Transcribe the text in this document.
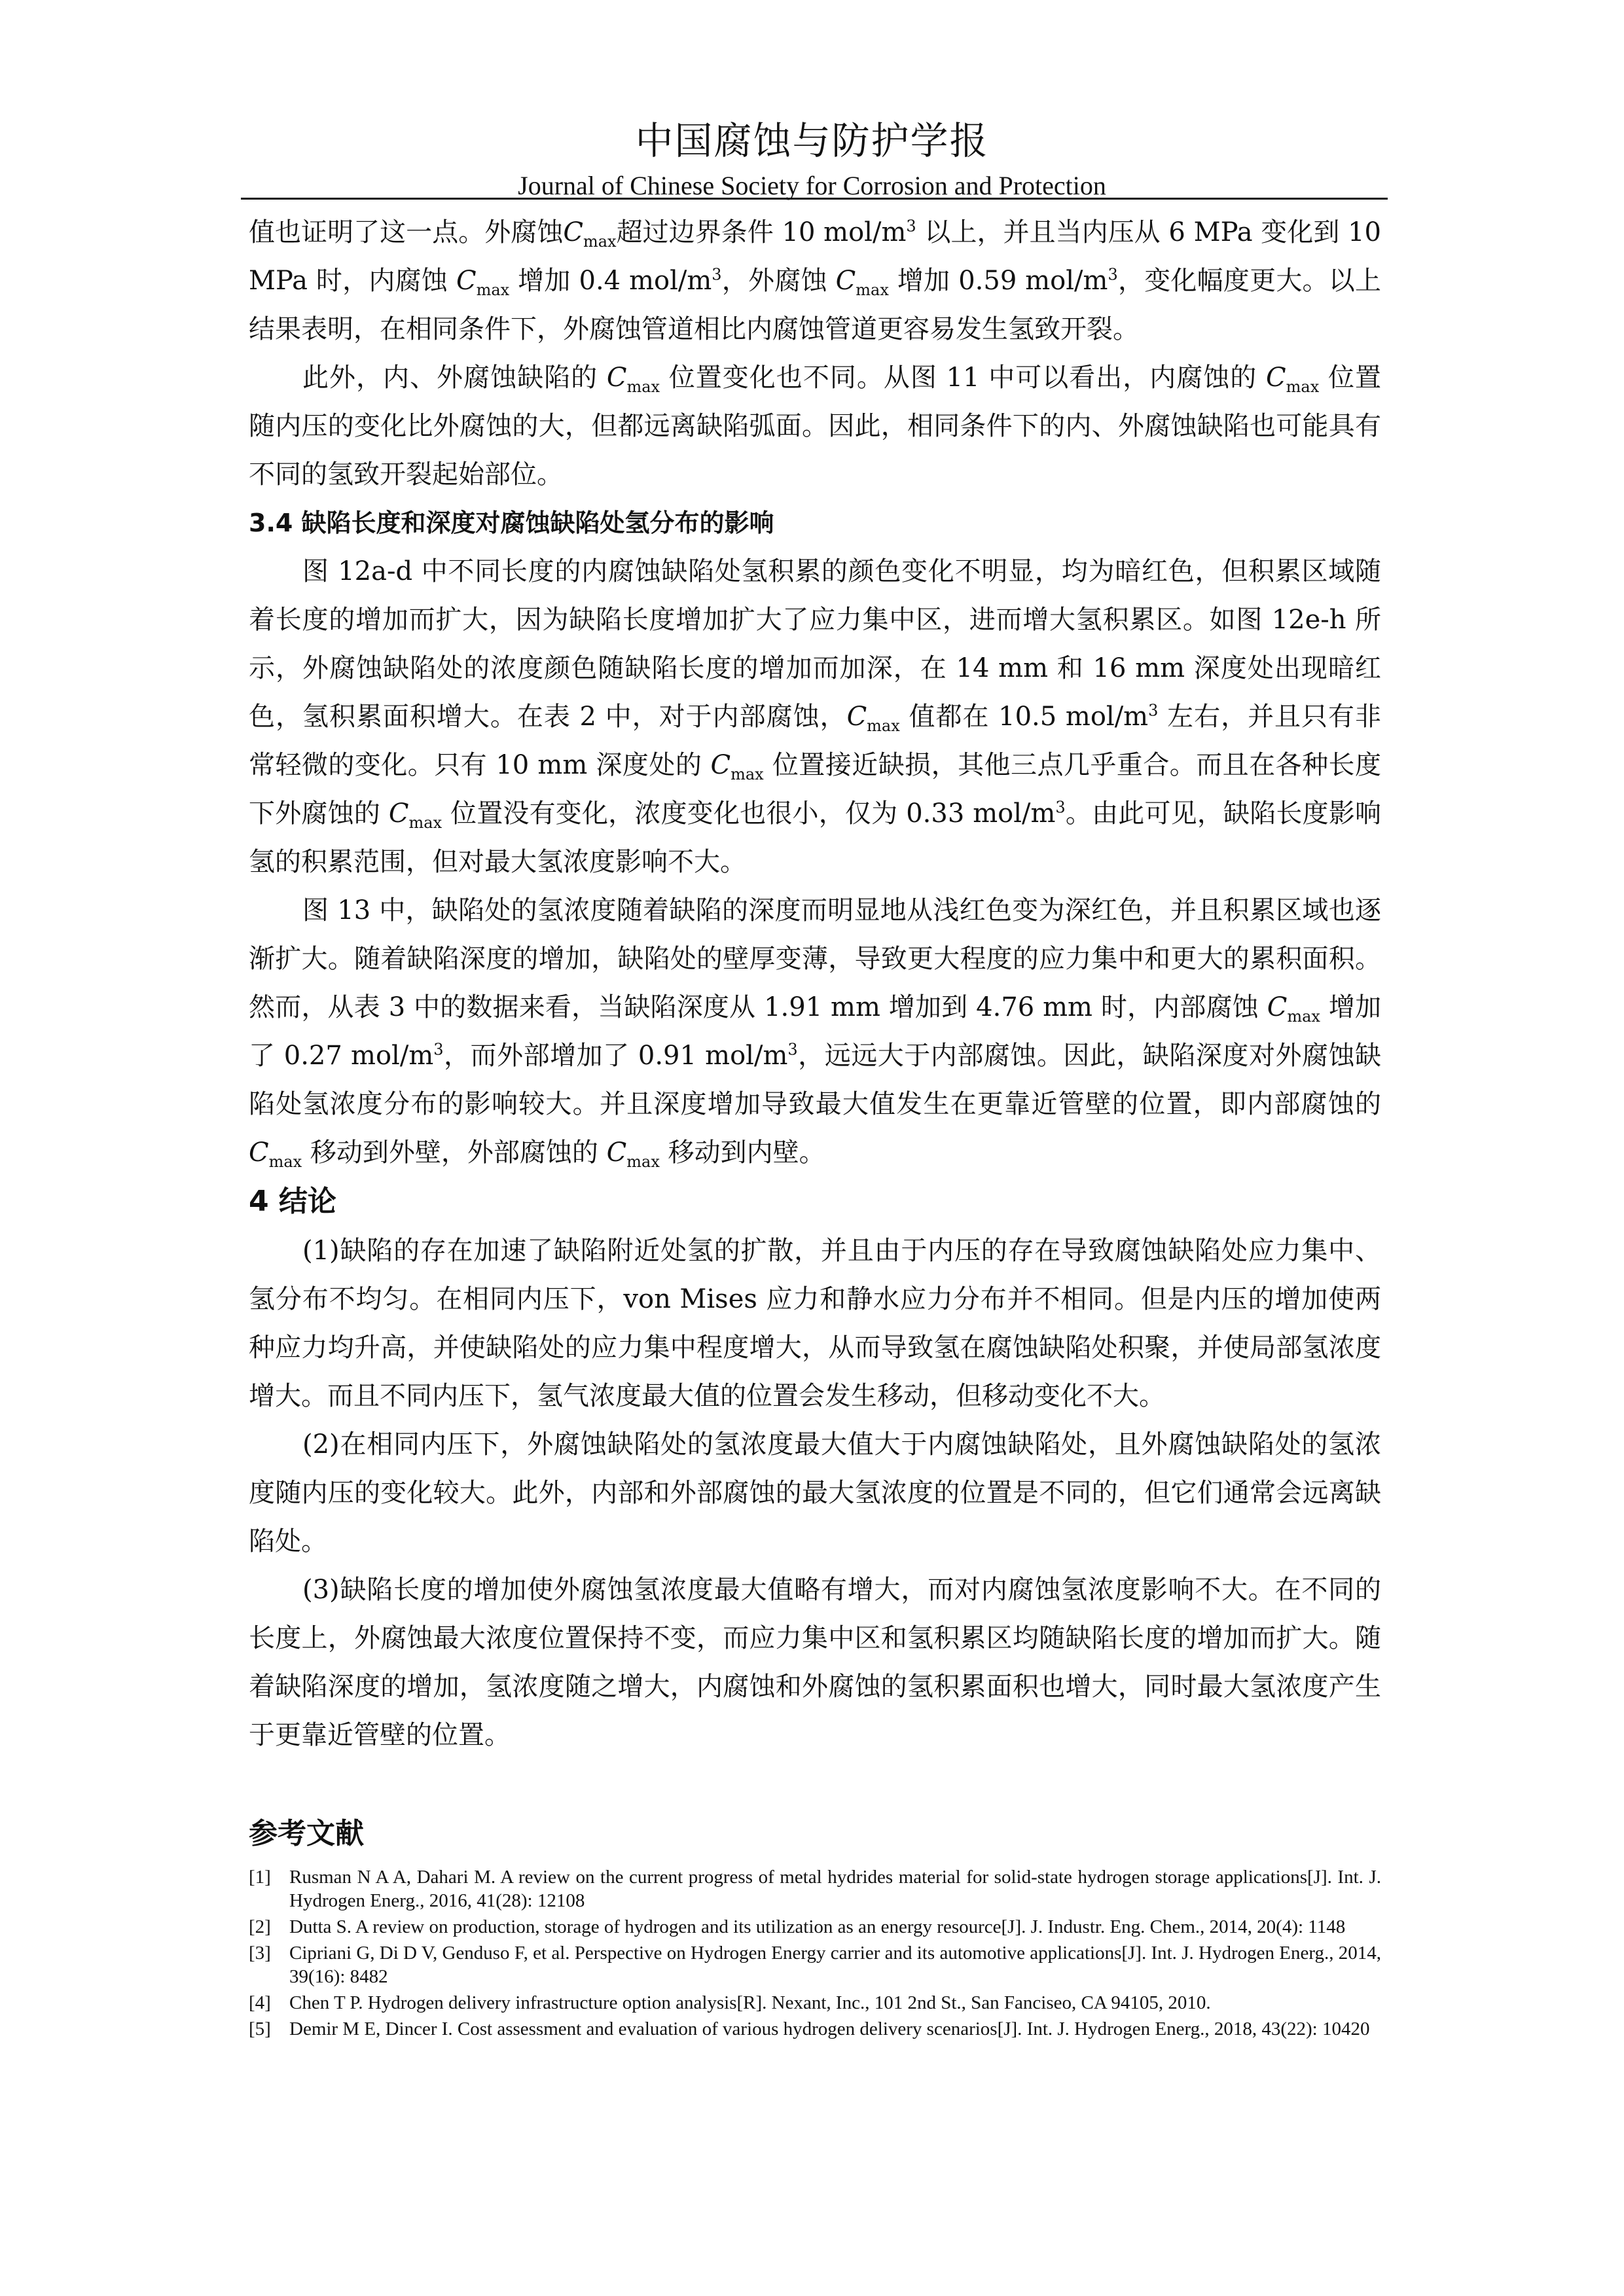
中国腐蚀与防护学报
Journal of Chinese Society for Corrosion and Protection

值也证明了这一点。外腐蚀$C_{max}$超过边界条件 10 mol/$m^3$ 以上，并且当内压从 6 MPa 变化到 10 MPa 时，内腐蚀 $C_{max}$ 增加 0.4 mol/$m^3$，外腐蚀 $C_{max}$ 增加 0.59 mol/$m^3$，变化幅度更大。以上结果表明，在相同条件下，外腐蚀管道相比内腐蚀管道更容易发生氢致开裂。

此外，内、外腐蚀缺陷的 $C_{max}$ 位置变化也不同。从图 11 中可以看出，内腐蚀的 $C_{max}$ 位置随内压的变化比外腐蚀的大，但都远离缺陷弧面。因此，相同条件下的内、外腐蚀缺陷也可能具有不同的氢致开裂起始部位。

3.4 缺陷长度和深度对腐蚀缺陷处氢分布的影响

图 12a-d 中不同长度的内腐蚀缺陷处氢积累的颜色变化不明显，均为暗红色，但积累区域随着长度的增加而扩大，因为缺陷长度增加扩大了应力集中区，进而增大氢积累区。如图 12e-h 所示，外腐蚀缺陷处的浓度颜色随缺陷长度的增加而加深，在 14 mm 和 16 mm 深度处出现暗红色，氢积累面积增大。在表 2 中，对于内部腐蚀，$C_{max}$ 值都在 10.5 mol/$m^3$ 左右，并且只有非常轻微的变化。只有 10 mm 深度处的 $C_{max}$ 位置接近缺损，其他三点几乎重合。而且在各种长度下外腐蚀的 $C_{max}$ 位置没有变化，浓度变化也很小，仅为 0.33 mol/$m^3$。由此可见，缺陷长度影响氢的积累范围，但对最大氢浓度影响不大。

图 13 中，缺陷处的氢浓度随着缺陷的深度而明显地从浅红色变为深红色，并且积累区域也逐渐扩大。随着缺陷深度的增加，缺陷处的壁厚变薄，导致更大程度的应力集中和更大的累积面积。然而，从表 3 中的数据来看，当缺陷深度从 1.91 mm 增加到 4.76 mm 时，内部腐蚀 $C_{max}$ 增加了 0.27 mol/$m^3$，而外部增加了 0.91 mol/$m^3$，远远大于内部腐蚀。因此，缺陷深度对外腐蚀缺陷处氢浓度分布的影响较大。并且深度增加导致最大值发生在更靠近管壁的位置，即内部腐蚀的 $C_{max}$ 移动到外壁，外部腐蚀的 $C_{max}$ 移动到内壁。

4 结论

(1)缺陷的存在加速了缺陷附近处氢的扩散，并且由于内压的存在导致腐蚀缺陷处应力集中、氢分布不均匀。在相同内压下，von Mises 应力和静水应力分布并不相同。但是内压的增加使两种应力均升高，并使缺陷处的应力集中程度增大，从而导致氢在腐蚀缺陷处积聚，并使局部氢浓度增大。而且不同内压下，氢气浓度最大值的位置会发生移动，但移动变化不大。

(2)在相同内压下，外腐蚀缺陷处的氢浓度最大值大于内腐蚀缺陷处，且外腐蚀缺陷处的氢浓度随内压的变化较大。此外，内部和外部腐蚀的最大氢浓度的位置是不同的，但它们通常会远离缺陷处。

(3)缺陷长度的增加使外腐蚀氢浓度最大值略有增大，而对内腐蚀氢浓度影响不大。在不同的长度上，外腐蚀最大浓度位置保持不变，而应力集中区和氢积累区均随缺陷长度的增加而扩大。随着缺陷深度的增加，氢浓度随之增大，内腐蚀和外腐蚀的氢积累面积也增大，同时最大氢浓度产生于更靠近管壁的位置。

参考文献
[1] Rusman N A A, Dahari M. A review on the current progress of metal hydrides material for solid-state hydrogen storage applications[J]. Int. J. Hydrogen Energ., 2016, 41(28): 12108
[2] Dutta S. A review on production, storage of hydrogen and its utilization as an energy resource[J]. J. Industr. Eng. Chem., 2014, 20(4): 1148
[3] Cipriani G, Di D V, Genduso F, et al. Perspective on Hydrogen Energy carrier and its automotive applications[J]. Int. J. Hydrogen Energ., 2014, 39(16): 8482
[4] Chen T P. Hydrogen delivery infrastructure option analysis[R]. Nexant, Inc., 101 2nd St., San Fanciseo, CA 94105, 2010.
[5] Demir M E, Dincer I. Cost assessment and evaluation of various hydrogen delivery scenarios[J]. Int. J. Hydrogen Energ., 2018, 43(22): 10420
